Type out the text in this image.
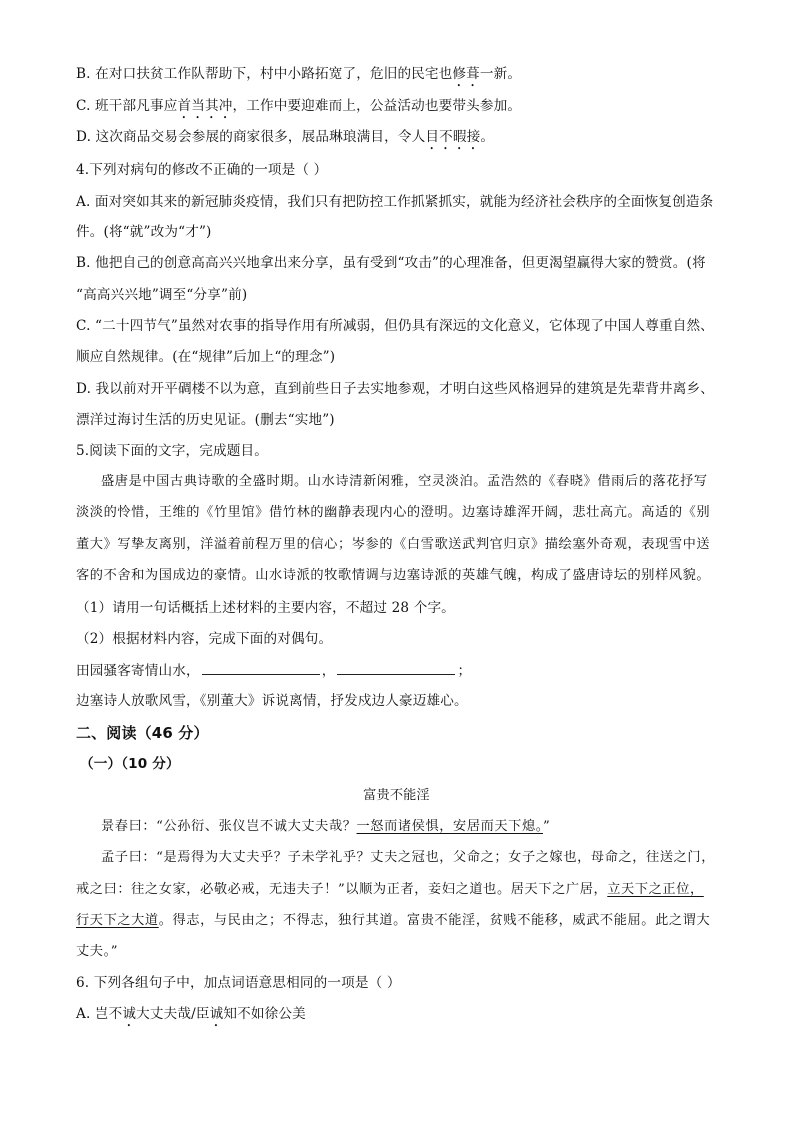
B. 在对口扶贫工作队帮助下，村中小路拓宽了，危旧的民宅也修葺一新。
C. 班干部凡事应首当其冲，工作中要迎难而上，公益活动也要带头参加。
D. 这次商品交易会参展的商家很多，展品琳琅满目，令人目不暇接。
4.下列对病句的修改不正确的一项是（ ）
A. 面对突如其来的新冠肺炎疫情，我们只有把防控工作抓紧抓实，就能为经济社会秩序的全面恢复创造条
件。(将“就”改为“才”)
B. 他把自己的创意高高兴兴地拿出来分享，虽有受到“攻击”的心理准备，但更渴望赢得大家的赞赏。(将
“高高兴兴地”调至“分享”前)
C. “二十四节气”虽然对农事的指导作用有所减弱，但仍具有深远的文化意义，它体现了中国人尊重自然、
顺应自然规律。(在“规律”后加上“的理念”)
D. 我以前对开平碉楼不以为意，直到前些日子去实地参观，才明白这些风格迥异的建筑是先辈背井离乡、
漂洋过海讨生活的历史见证。(删去“实地”)
5.阅读下面的文字，完成题目。
盛唐是中国古典诗歌的全盛时期。山水诗清新闲雅，空灵淡泊。孟浩然的《春晓》借雨后的落花抒写
淡淡的怜惜，王维的《竹里馆》借竹林的幽静表现内心的澄明。边塞诗雄浑开阔，悲壮高亢。高适的《别
董大》写挚友离别，洋溢着前程万里的信心；岑参的《白雪歌送武判官归京》描绘塞外奇观，表现雪中送
客的不舍和为国成边的豪情。山水诗派的牧歌情调与边塞诗派的英雄气魄，构成了盛唐诗坛的别样风貌。
（1）请用一句话概括上述材料的主要内容，不超过 28 个字。
（2）根据材料内容，完成下面的对偶句。
田园骚客寄情山水，	，	；
边塞诗人放歌风雪，《别董大》诉说离情，抒发戍边人豪迈雄心。
二、阅读（46 分）
（一）（10 分）
富贵不能淫
景春曰：“公孙衍、张仪岂不诚大丈夫哉？一怒而诸侯惧，安居而天下熄。”
孟子曰：“是焉得为大丈夫乎？子未学礼乎？丈夫之冠也，父命之；女子之嫁也，母命之，往送之门，
戒之曰：往之女家，必敬必戒，无违夫子！”以顺为正者，妾妇之道也。居天下之广居，立天下之正位，
行天下之大道。得志，与民由之；不得志，独行其道。富贵不能淫，贫贱不能移，威武不能屈。此之谓大
丈夫。”
6. 下列各组句子中，加点词语意思相同的一项是（ ）
A. 岂不诚大丈夫哉/臣诚知不如徐公美
